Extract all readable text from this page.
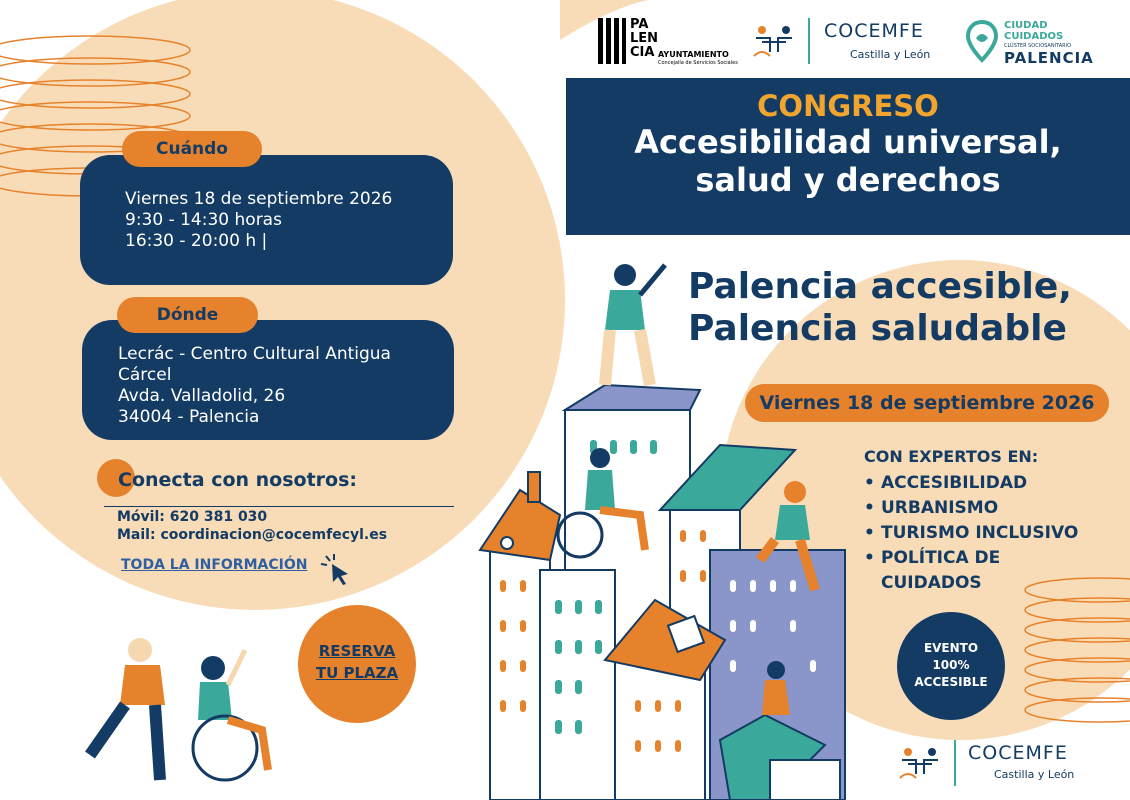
PA
LEN
CIA AYUNTAMIENTO
Concejalía de Servicios Sociales
COCEMFE
Castilla y León
CIUDAD
CUIDADOS
CLÚSTER SOCIOSANITARIO
PALENCIA
CONGRESO
Accesibilidad universal,
salud y derechos
Palencia accesible,
Palencia saludable
Viernes 18 de septiembre 2026
Viernes 18 de septiembre 2026
9:30 - 14:30 horas
16:30 - 20:00 h |
Cuándo
Lecrác - Centro Cultural Antigua
Cárcel
Avda. Valladolid, 26
34004 - Palencia
Dónde
Conecta con nosotros:
Móvil: 620 381 030
Mail: coordinacion@cocemfecyl.es
TODA LA INFORMACIÓN
RESERVA
TU PLAZA
CON EXPERTOS EN:
• ACCESIBILIDAD
• URBANISMO
• TURISMO INCLUSIVO
• POLÍTICA DE
CUIDADOS
EVENTO
100%
ACCESIBLE
COCEMFE
Castilla y León
